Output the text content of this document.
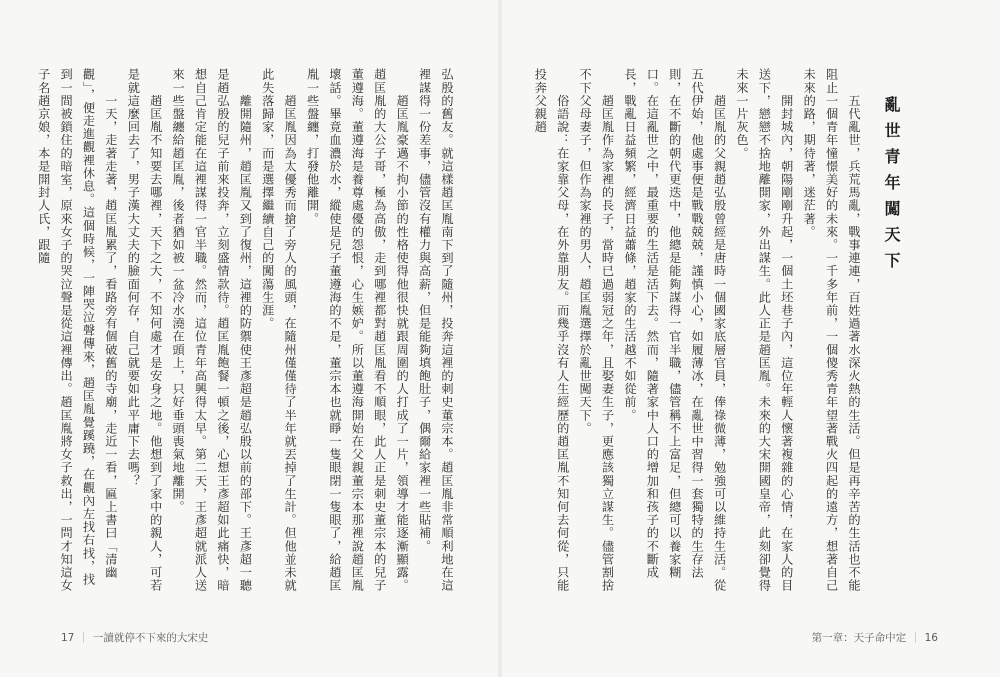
弘殷的舊友。就這樣趙匡胤南下到了隨州，投奔這裡的刺史董宗本。趙匡胤非常順利地在這裡謀得一份差事，儘管沒有權力與高薪，但是能夠填飽肚子，偶爾給家裡一些貼補。
　　趙匡胤豪邁不拘小節的性格使得他很快就跟周圍的人打成了一片，領導才能逐漸顯露。趙匡胤的大公子哥，極為高傲，走到哪裡都對趙匡胤看不順眼，此人正是刺史董宗本的兒子董遵海。董遵海是養尊處優的怨恨，心生嫉妒。所以董遵海開始在父親董宗本那裡說趙匡胤壞話。畢竟血濃於水，縱使是兒子董遵海的不是，董宗本也就睜一隻眼閉一隻眼了，給趙匡胤一些盤纏，打發他離開。
　　趙匡胤因為太優秀而搶了旁人的風頭，在隨州僅僅待了半年就丟掉了生計。但他並未就此失落歸家，而是選擇繼續自己的闖蕩生涯。
　　離開隨州，趙匡胤又到了復州，這裡的防禦使王彥超是趙弘殷以前的部下。王彥超一聽是趙弘殷的兒子前來投奔，立刻盛情款待。趙匡胤飽餐一頓之後，心想王彥超如此痛快，暗想自己肯定能在這裡謀得一官半職。然而，這位青年高興得太早。第二天，王彥超就派人送來一些盤纏給趙匡胤，後者猶如被一盆冷水澆在頭上，只好垂頭喪氣地離開。
　　趙匡胤不知要去哪裡，天下之大，不知何處才是安身之地。他想到了家中的親人，可若是就這麼回去了，男子漢大丈夫的臉面何存，自己就要如此平庸下去嗎？
　　一天，走著走著，趙匡胤累了，看路旁有個破舊的寺廟，走近一看，匾上書曰「清幽觀」，便走進觀裡休息。這個時候，一陣哭泣聲傳來，趙匡胤覺蹊蹺，在觀內左找右找，找到一間被鎖住的暗室，原來女子的哭泣聲是從這裡傳出。趙匡胤將女子救出，一問才知這女子名趙京娘，本是開封人氏，跟隨	亂世青年闖天下
　　五代亂世，兵荒馬亂，戰事連連，百姓過著水深火熱的生活。但是再辛苦的生活也不能阻止一個青年憧憬美好的未來。一千多年前，一個傻秀青年望著戰火四起的遠方，想著自己未來的路，期待著，迷茫著。
　　開封城內，朝陽剛剛升起，一個土坯巷子內，這位年輕人懷著複雜的心情，在家人的目送下，戀戀不捨地離開家，外出謀生。此人正是趙匡胤。未來的大宋開國皇帝，此刻卻覺得未來一片灰色。
　　趙匡胤的父親趙弘殷曾經是唐時一個國家底層官員，俸祿微薄，勉強可以維持生活。從五代伊始，他處事便是戰戰兢兢，謹慎小心，如履薄冰，在亂世中習得一套獨特的生存法則，在不斷的朝代更迭中，他總是能夠謀得一官半職，儘管稱不上富足，但總可以養家糊口。在這亂世之中，最重要的生活是活下去。然而，隨著家中人口的增加和孩子的不斷成長，戰亂日益頻繁，經濟日益蕭條，趙家的生活越不如從前。
　　趙匡胤作為家裡的長子，當時已過弱冠之年，且娶妻生子，更應該獨立謀生。儘管割捨不下父母妻子，但作為家裡的男人，趙匡胤選擇於亂世闖天下。
　　俗語說：在家靠父母，在外靠朋友。而幾乎沒有人生經歷的趙匡胤不知何去何從，只能投奔父親趙
17 ｜ 一讀就停不下來的大宋史	第一章：天子命中定 ｜ 16
